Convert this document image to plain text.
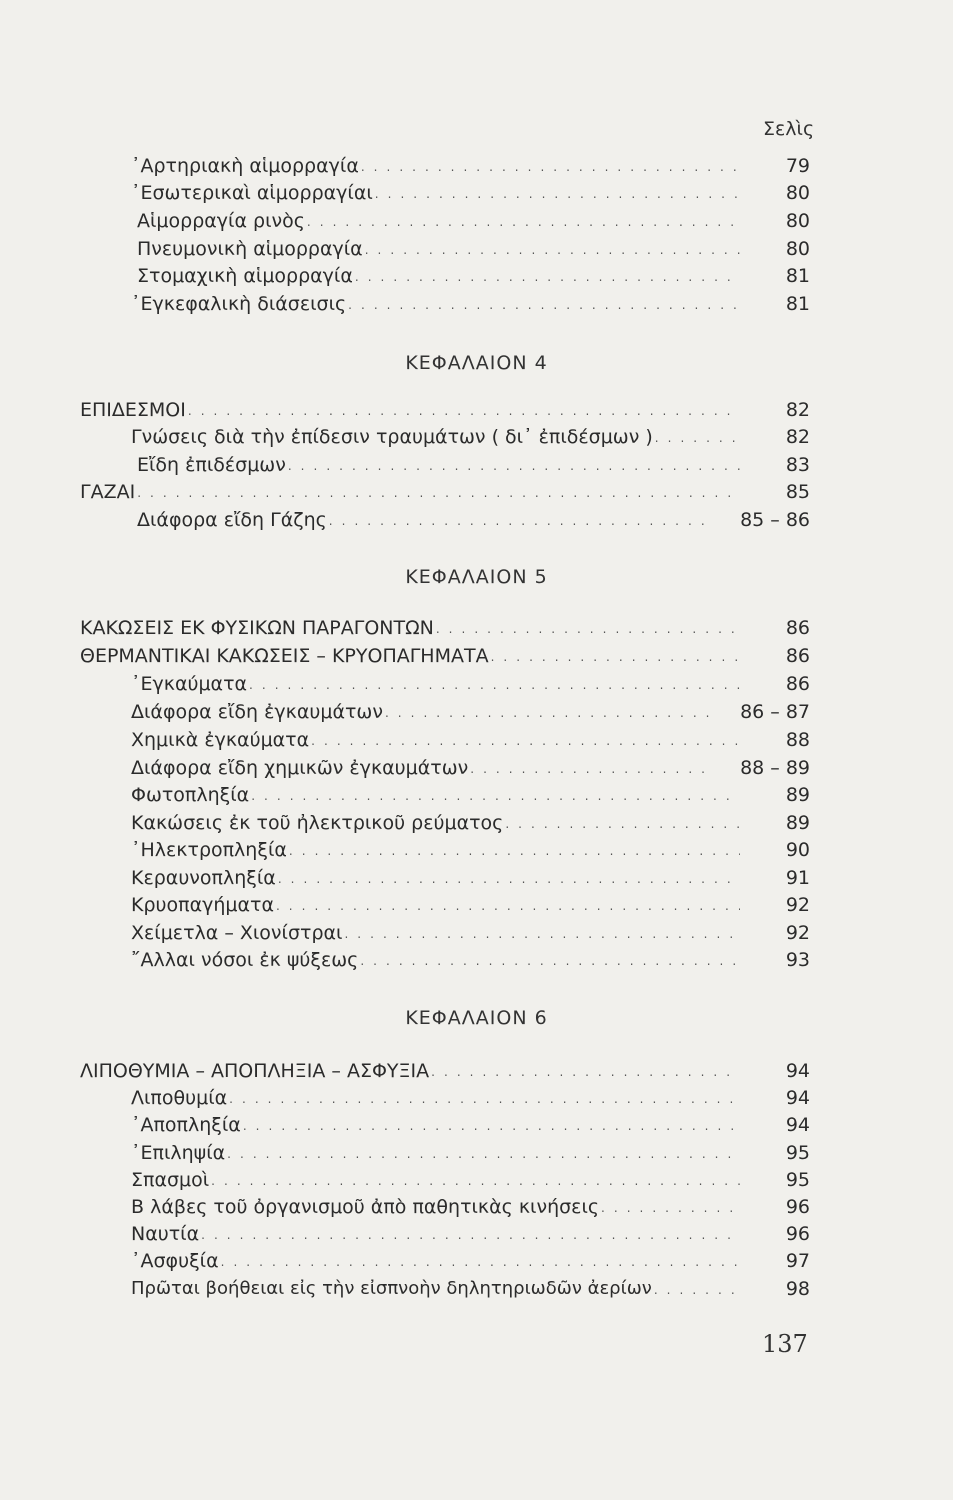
Σελὶς
᾿Αρτηριακὴ αἱμορραγία . . .	79
᾿Εσωτερικαὶ αἱμορραγίαι . . .	80
Αἱμορραγία ρινὸς . . .	80
Πνευμονικὴ αἱμορραγία . . .	80
Στομαχικὴ αἱμορραγία . . .	81
᾿Εγκεφαλικὴ διάσεισις . . .	81
ΚΕΦΑΛΑΙΟΝ 4
ΕΠΙΔΕΣΜΟΙ . . .	82
Γνώσεις διὰ τὴν ἐπίδεσιν τραυμάτων ( δι᾿ ἐπιδέσμων ) . . .	82
Εἴδη ἐπιδέσμων . . .	83
ΓΑΖΑΙ . . .	85
Διάφορα εἴδη Γάζης . . .	85 – 86
ΚΕΦΑΛΑΙΟΝ 5
ΚΑΚΩΣΕΙΣ ΕΚ ΦΥΣΙΚΩΝ ΠΑΡΑΓΟΝΤΩΝ . . .	86
ΘΕΡΜΑΝΤΙΚΑΙ ΚΑΚΩΣΕΙΣ – ΚΡΥΟΠΑΓΗΜΑΤΑ . . .	86
᾿Εγκαύματα . . .	86
Διάφορα εἴδη ἐγκαυμάτων . . .	86 – 87
Χημικὰ ἐγκαύματα . . .	88
Διάφορα εἴδη χημικῶν ἐγκαυμάτων . . .	88 – 89
Φωτοπληξία . . .	89
Κακώσεις ἐκ τοῦ ἠλεκτρικοῦ ρεύματος . . .	89
᾿Ηλεκτροπληξία . . .	90
Κεραυνοπληξία . . .	91
Κρυοπαγήματα . . .	92
Χείμετλα – Χιονίστραι . . .	92
῎Αλλαι νόσοι ἐκ ψύξεως . . .	93
ΚΕΦΑΛΑΙΟΝ 6
ΛΙΠΟΘΥΜΙΑ – ΑΠΟΠΛΗΞΙΑ – ΑΣΦΥΞΙΑ . . .	94
Λιποθυμία . . .	94
᾿Αποπληξία . . .	94
᾿Επιληψία . . .	95
Σπασμοὶ . . .	95
Β λάβες τοῦ ὀργανισμοῦ ἀπὸ παθητικὰς κινήσεις . . .	96
Ναυτία . . .	96
᾿Ασφυξία . . .	97
Πρῶται βοήθειαι εἰς τὴν εἰσπνοὴν δηλητηριωδῶν ἀερίων . . .	98
137
